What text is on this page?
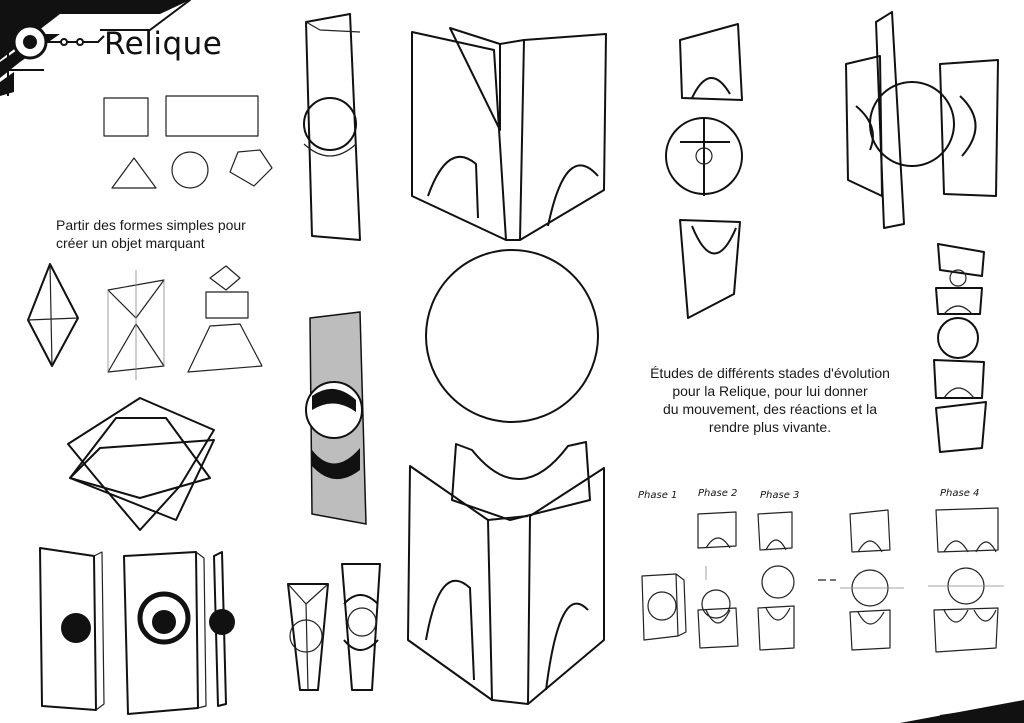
Relique
Partir des formes simples pour
créer un objet marquant
Études de différents stades d'évolution
pour la Relique, pour lui donner
du mouvement, des réactions et la
rendre plus vivante.
Phase 1 Phase 2 Phase 3	Phase 4
